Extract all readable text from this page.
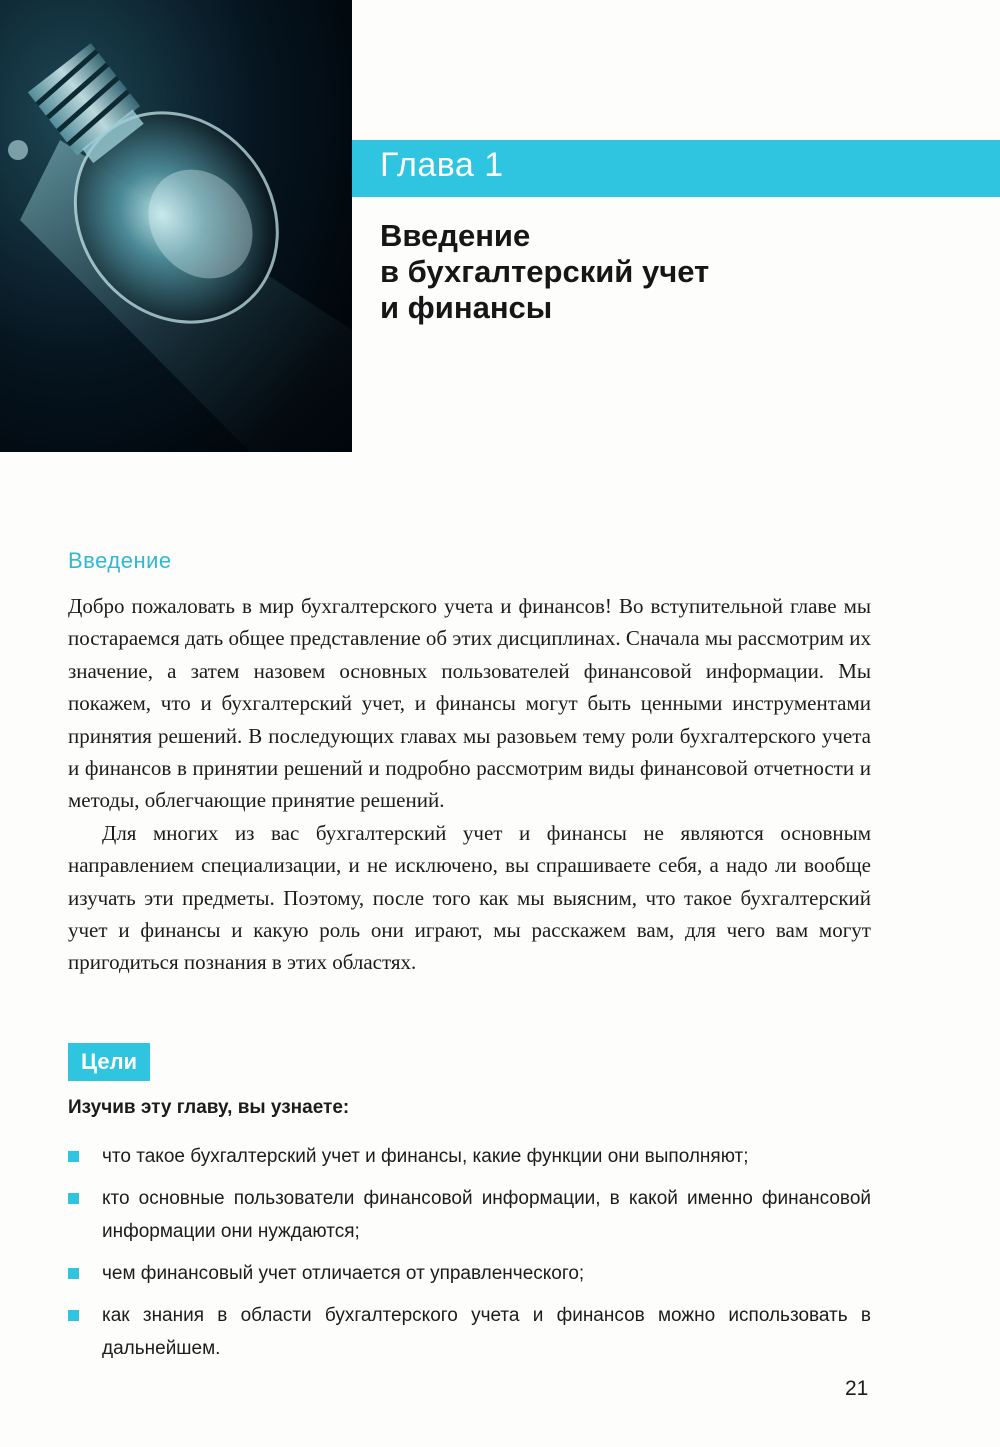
Глава 1
Введение
в бухгалтерский учет
и финансы
Введение

Добро пожаловать в мир бухгалтерского учета и финансов! Во вступительной главе мы постараемся дать общее представление об этих дисциплинах. Сначала мы рассмотрим их значение, а затем назовем основных пользователей финансовой информации. Мы покажем, что и бухгалтерский учет, и финансы могут быть ценными инструментами принятия решений. В последующих главах мы разовьем тему роли бухгалтерского учета и финансов в принятии решений и подробно рассмотрим виды финансовой отчетности и методы, облегчающие принятие решений.

Для многих из вас бухгалтерский учет и финансы не являются основным направлением специализации, и не исключено, вы спрашиваете себя, а надо ли вообще изучать эти предметы. Поэтому, после того как мы выясним, что такое бухгалтерский учет и финансы и какую роль они играют, мы расскажем вам, для чего вам могут пригодиться познания в этих областях.

Цели
Изучив эту главу, вы узнаете:
что такое бухгалтерский учет и финансы, какие функции они выполняют;
кто основные пользователи финансовой информации, в какой именно финансовой информации они нуждаются;
чем финансовый учет отличается от управленческого;
как знания в области бухгалтерского учета и финансов можно использовать в дальнейшем.
21
